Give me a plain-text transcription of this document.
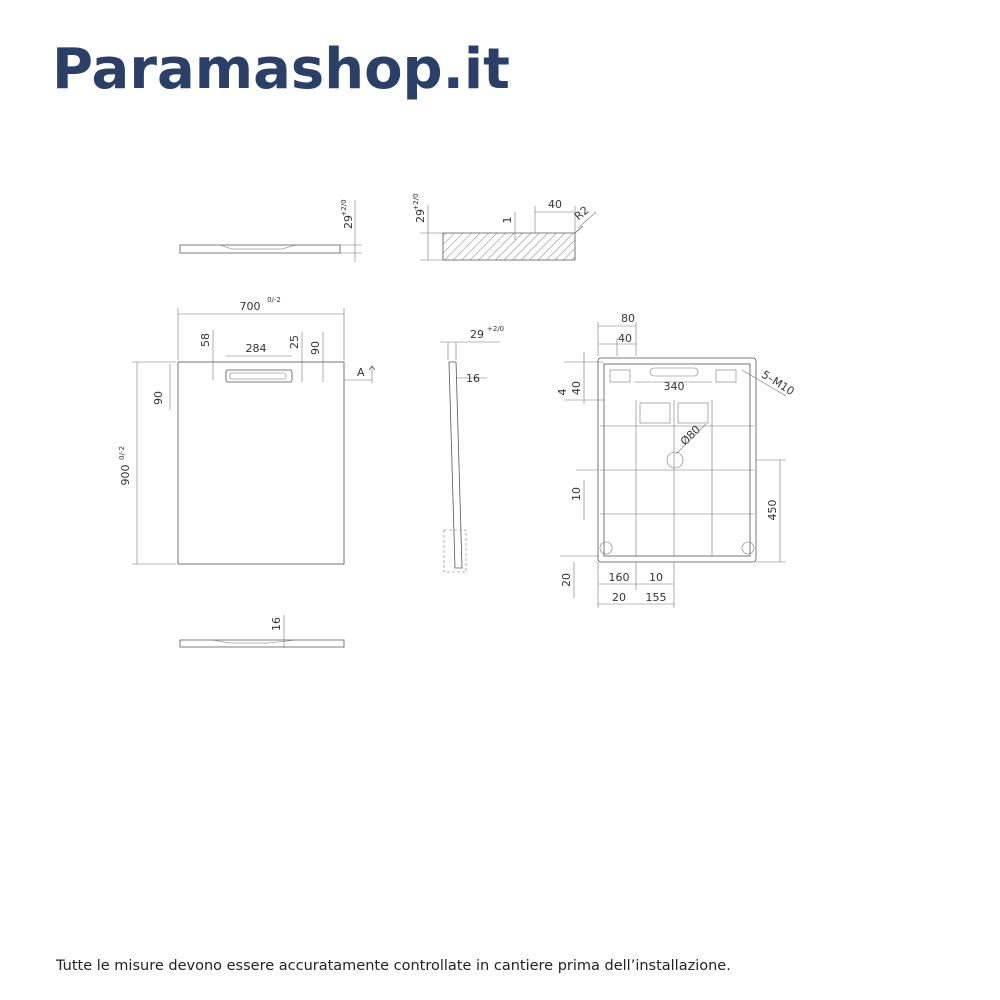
Paramashop.it
29
+2/0	29
+2/0
1
40 R2
700 0/-2
58
284 25 90
90
900
0/-2
A
29 +2/0
16
16
80
40
340	5–M10
40
4
Ø80
10
450
20	160 10
20 155

Tutte le misure devono essere accuratamente controllate in cantiere prima dell’installazione.
